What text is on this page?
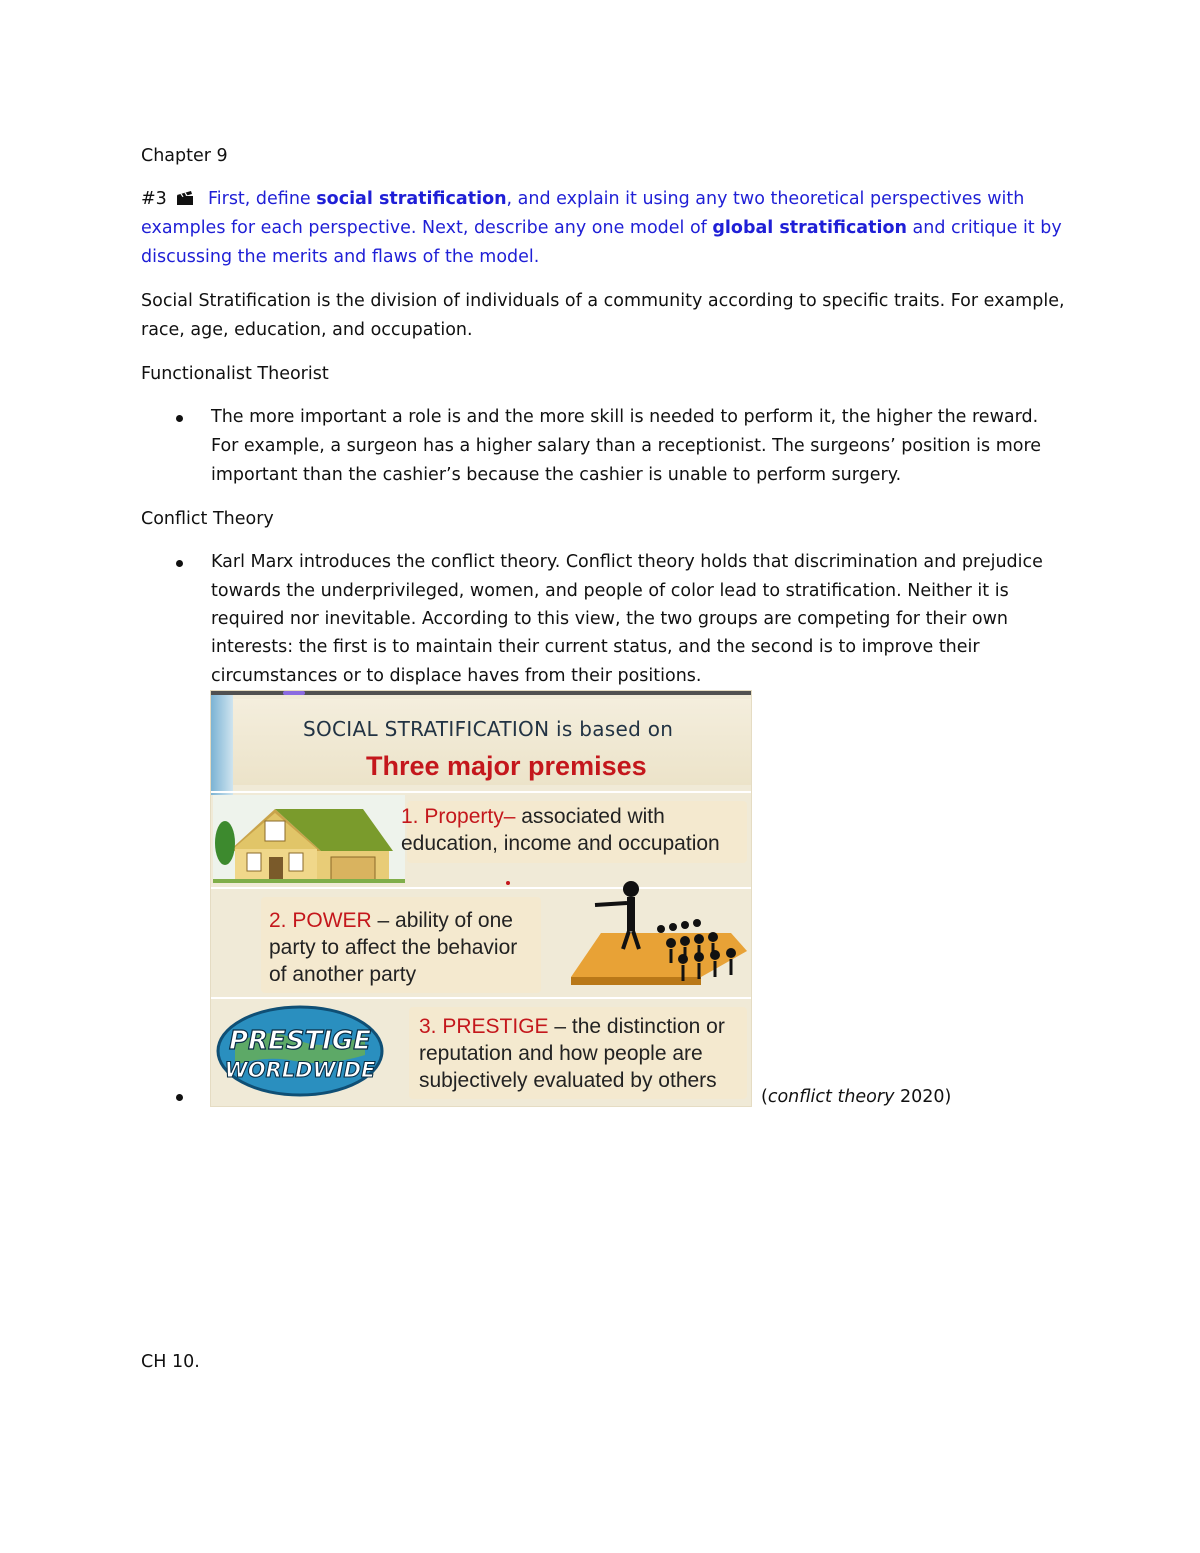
Chapter 9
#3 First, define social stratification, and explain it using any two theoretical perspectives with
examples for each perspective. Next, describe any one model of global stratification and critique it by
discussing the merits and flaws of the model.
Social Stratification is the division of individuals of a community according to specific traits. For example,
race, age, education, and occupation.
Functionalist Theorist
The more important a role is and the more skill is needed to perform it, the higher the reward.
For example, a surgeon has a higher salary than a receptionist. The surgeons’ position is more
important than the cashier’s because the cashier is unable to perform surgery.
Conflict Theory
Karl Marx introduces the conflict theory. Conflict theory holds that discrimination and prejudice
towards the underprivileged, women, and people of color lead to stratification. Neither it is
required nor inevitable. According to this view, the two groups are competing for their own
interests: the first is to maintain their current status, and the second is to improve their
circumstances or to displace haves from their positions.
SOCIAL STRATIFICATION is based on
Three major premises
1. Property– associated with
education, income and occupation
2. POWER – ability of one
party to affect the behavior
of another party
PRESTIGE
WORLDWIDE
3. PRESTIGE – the distinction or
reputation and how people are
subjectively evaluated by others
(conflict theory 2020)
CH 10.
